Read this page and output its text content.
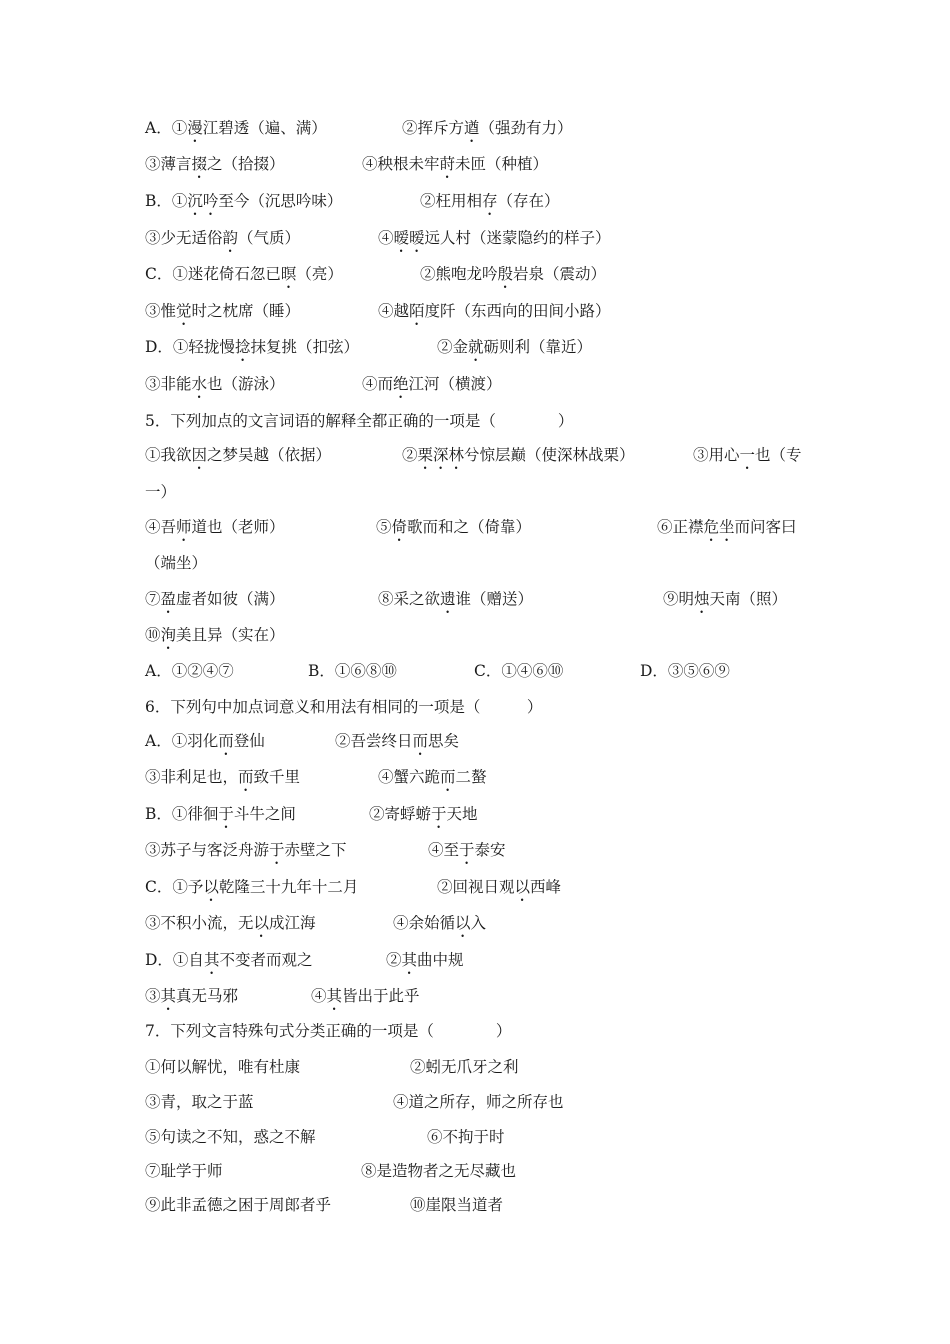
A．①漫江碧透（遍、满）	②挥斥方遒（强劲有力）
③薄言掇之（拾掇）	④秧根未牢莳未匝（种植）
B．①沉吟至今（沉思吟味）	②枉用相存（存在）
③少无适俗韵（气质）	④暧暧远人村（迷蒙隐约的样子）
C．①迷花倚石忽已暝（亮）	②熊咆龙吟殷岩泉（震动）
③惟觉时之枕席（睡）	④越陌度阡（东西向的田间小路）
D．①轻拢慢捻抹复挑（扣弦）	②金就砺则利（靠近）
③非能水也（游泳）	④而绝江河（横渡）
5．下列加点的文言词语的解释全都正确的一项是（　　　　）
①我欲因之梦吴越（依据）	②栗深林兮惊层巅（使深林战栗）	③用心一也（专
一）
④吾师道也（老师）	⑤倚歌而和之（倚靠）	⑥正襟危坐而问客曰
（端坐）
⑦盈虚者如彼（满）	⑧采之欲遗谁（赠送）	⑨明烛天南（照）
⑩洵美且异（实在）
A．①②④⑦	B．①⑥⑧⑩	C．①④⑥⑩	D．③⑤⑥⑨
6．下列句中加点词意义和用法有相同的一项是（　　　）
A．①羽化而登仙	②吾尝终日而思矣
③非利足也，而致千里	④蟹六跪而二螯
B．①徘徊于斗牛之间	②寄蜉蝣于天地
③苏子与客泛舟游于赤壁之下	④至于泰安
C．①予以乾隆三十九年十二月	②回视日观以西峰
③不积小流，无以成江海	④余始循以入
D．①自其不变者而观之	②其曲中规
③其真无马邪	④其皆出于此乎
7．下列文言特殊句式分类正确的一项是（　　　　）
①何以解忧，唯有杜康	②蚓无爪牙之利
③青，取之于蓝	④道之所存，师之所存也
⑤句读之不知，惑之不解	⑥不拘于时
⑦耻学于师	⑧是造物者之无尽藏也
⑨此非孟德之困于周郎者乎	⑩崖限当道者
